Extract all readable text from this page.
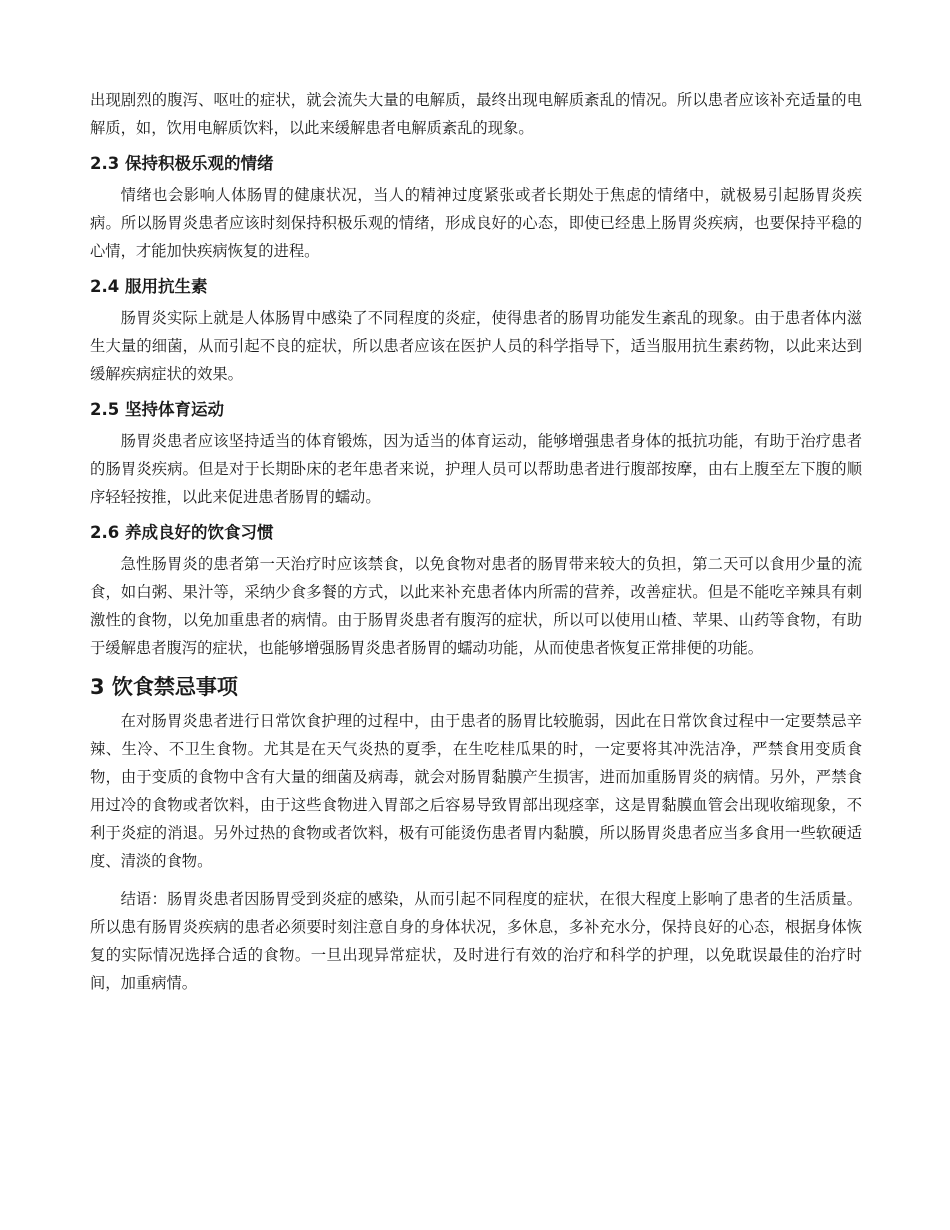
出现剧烈的腹泻、呕吐的症状，就会流失大量的电解质，最终出现电解质紊乱的情况。所以患者应该补充适量的电解质，如，饮用电解质饮料，以此来缓解患者电解质紊乱的现象。

2.3 保持积极乐观的情绪

情绪也会影响人体肠胃的健康状况，当人的精神过度紧张或者长期处于焦虑的情绪中，就极易引起肠胃炎疾病。所以肠胃炎患者应该时刻保持积极乐观的情绪，形成良好的心态，即使已经患上肠胃炎疾病，也要保持平稳的心情，才能加快疾病恢复的进程。

2.4 服用抗生素

肠胃炎实际上就是人体肠胃中感染了不同程度的炎症，使得患者的肠胃功能发生紊乱的现象。由于患者体内滋生大量的细菌，从而引起不良的症状，所以患者应该在医护人员的科学指导下，适当服用抗生素药物，以此来达到缓解疾病症状的效果。

2.5 坚持体育运动

肠胃炎患者应该坚持适当的体育锻炼，因为适当的体育运动，能够增强患者身体的抵抗功能，有助于治疗患者的肠胃炎疾病。但是对于长期卧床的老年患者来说，护理人员可以帮助患者进行腹部按摩，由右上腹至左下腹的顺序轻轻按推，以此来促进患者肠胃的蠕动。

2.6 养成良好的饮食习惯

急性肠胃炎的患者第一天治疗时应该禁食，以免食物对患者的肠胃带来较大的负担，第二天可以食用少量的流食，如白粥、果汁等，采纳少食多餐的方式，以此来补充患者体内所需的营养，改善症状。但是不能吃辛辣具有刺激性的食物，以免加重患者的病情。由于肠胃炎患者有腹泻的症状，所以可以使用山楂、苹果、山药等食物，有助于缓解患者腹泻的症状，也能够增强肠胃炎患者肠胃的蠕动功能，从而使患者恢复正常排便的功能。

3 饮食禁忌事项

在对肠胃炎患者进行日常饮食护理的过程中，由于患者的肠胃比较脆弱，因此在日常饮食过程中一定要禁忌辛辣、生冷、不卫生食物。尤其是在天气炎热的夏季，在生吃桂瓜果的时，一定要将其冲洗洁净，严禁食用变质食物，由于变质的食物中含有大量的细菌及病毒，就会对肠胃黏膜产生损害，进而加重肠胃炎的病情。另外，严禁食用过冷的食物或者饮料，由于这些食物进入胃部之后容易导致胃部出现痉挛，这是胃黏膜血管会出现收缩现象，不利于炎症的消退。另外过热的食物或者饮料，极有可能烫伤患者胃内黏膜，所以肠胃炎患者应当多食用一些软硬适度、清淡的食物。

结语：肠胃炎患者因肠胃受到炎症的感染，从而引起不同程度的症状，在很大程度上影响了患者的生活质量。所以患有肠胃炎疾病的患者必须要时刻注意自身的身体状况，多休息，多补充水分，保持良好的心态，根据身体恢复的实际情况选择合适的食物。一旦出现异常症状，及时进行有效的治疗和科学的护理，以免耽误最佳的治疗时间，加重病情。
